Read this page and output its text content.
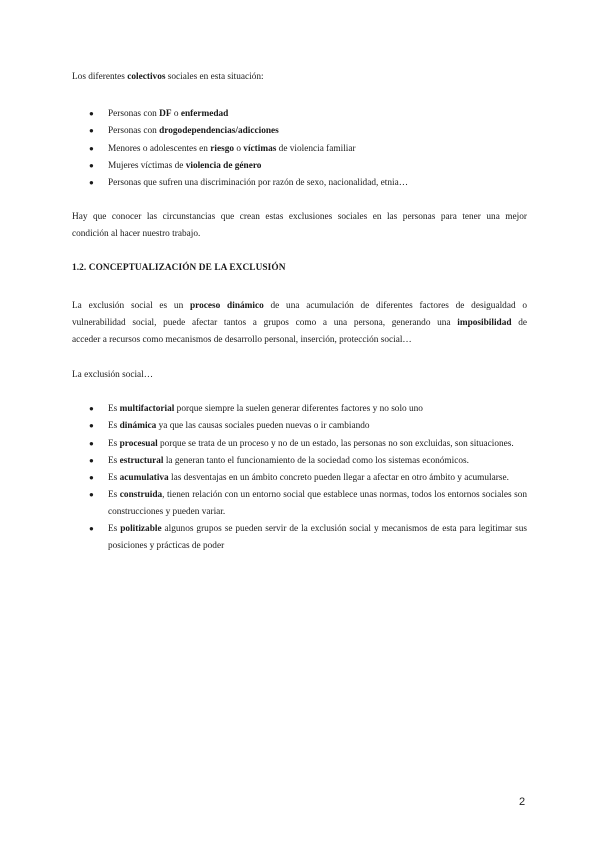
Los diferentes colectivos sociales en esta situación:

● Personas con DF o enfermedad
● Personas con drogodependencias/adicciones
● Menores o adolescentes en riesgo o víctimas de violencia familiar
● Mujeres víctimas de violencia de género
● Personas que sufren una discriminación por razón de sexo, nacionalidad, etnia…

Hay que conocer las circunstancias que crean estas exclusiones sociales en las personas para tener una mejor

condición al hacer nuestro trabajo.

1.2. CONCEPTUALIZACIÓN DE LA EXCLUSIÓN

La exclusión social es un proceso dinámico de una acumulación de diferentes factores de desigualdad o

vulnerabilidad social, puede afectar tantos a grupos como a una persona, generando una imposibilidad de

acceder a recursos como mecanismos de desarrollo personal, inserción, protección social…

La exclusión social…

● Es multifactorial porque siempre la suelen generar diferentes factores y no solo uno
● Es dinámica ya que las causas sociales pueden nuevas o ir cambiando
● Es procesual porque se trata de un proceso y no de un estado, las personas no son excluidas, son situaciones.
● Es estructural la generan tanto el funcionamiento de la sociedad como los sistemas económicos.
● Es acumulativa las desventajas en un ámbito concreto pueden llegar a afectar en otro ámbito y acumularse.
● Es construida, tienen relación con un entorno social que establece unas normas, todos los entornos sociales son construcciones y pueden variar.
● Es politizable algunos grupos se pueden servir de la exclusión social y mecanismos de esta para legitimar sus posiciones y prácticas de poder
2
